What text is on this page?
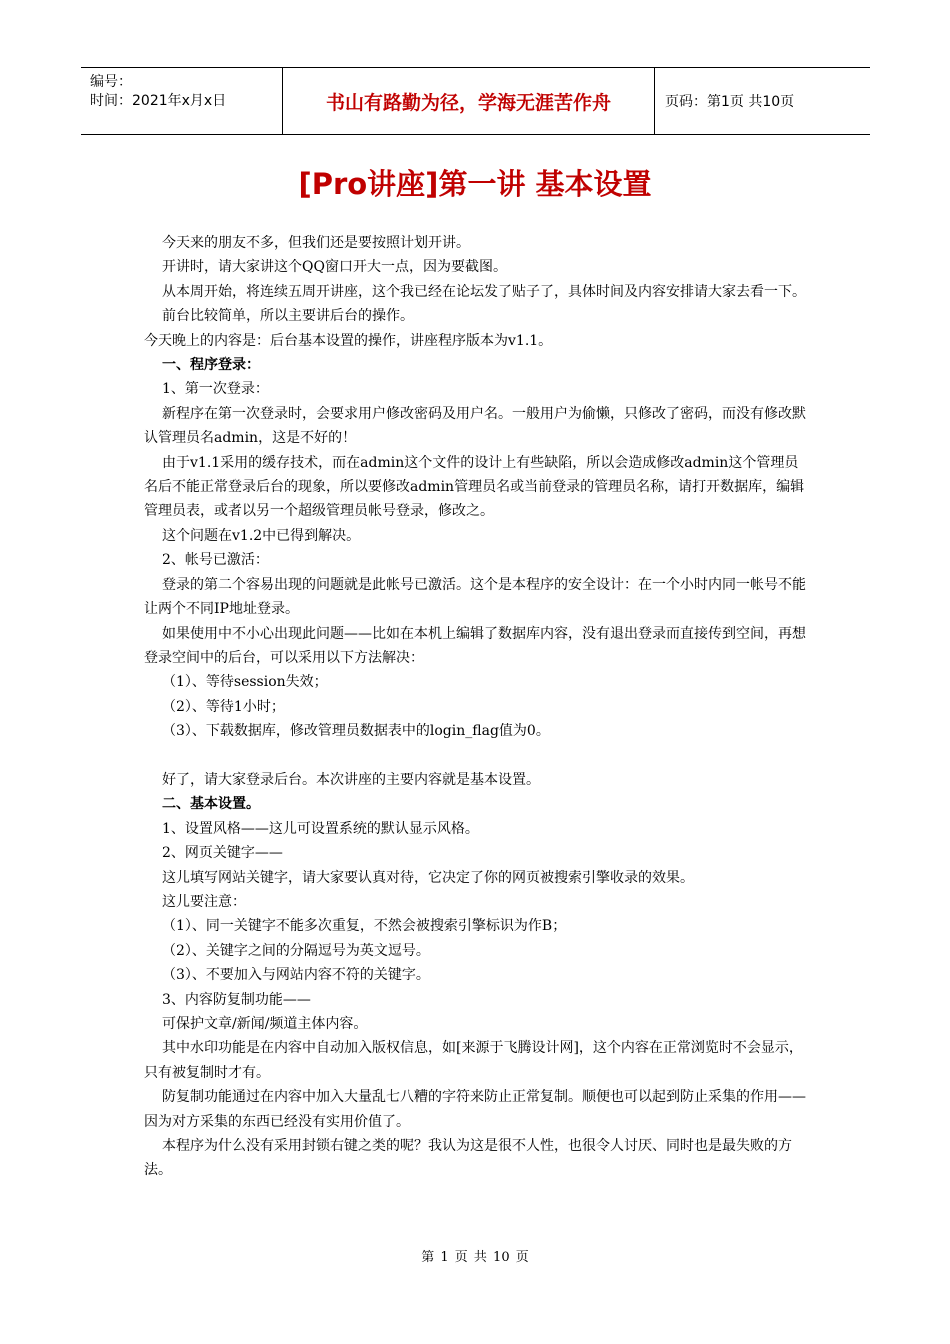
编号：
时间：2021年x月x日	书山有路勤为径，学海无涯苦作舟	页码：第1页 共10页
[Pro讲座]第一讲 基本设置

今天来的朋友不多，但我们还是要按照计划开讲。

开讲时，请大家讲这个QQ窗口开大一点，因为要截图。

从本周开始，将连续五周开讲座，这个我已经在论坛发了贴子了，具体时间及内容安排请大家去看一下。

前台比较简单，所以主要讲后台的操作。

今天晚上的内容是：后台基本设置的操作，讲座程序版本为v1.1。

一、程序登录：

1、第一次登录：

新程序在第一次登录时，会要求用户修改密码及用户名。一般用户为偷懒，只修改了密码，而没有修改默认管理员名admin，这是不好的！

由于v1.1采用的缓存技术，而在admin这个文件的设计上有些缺陷，所以会造成修改admin这个管理员名后不能正常登录后台的现象，所以要修改admin管理员名或当前登录的管理员名称，请打开数据库，编辑管理员表，或者以另一个超级管理员帐号登录，修改之。

这个问题在v1.2中已得到解决。

2、帐号已激活：

登录的第二个容易出现的问题就是此帐号已激活。这个是本程序的安全设计：在一个小时内同一帐号不能让两个不同IP地址登录。

如果使用中不小心出现此问题——比如在本机上编辑了数据库内容，没有退出登录而直接传到空间，再想登录空间中的后台，可以采用以下方法解决：

（1）、等待session失效；

（2）、等待1小时；

（3）、下载数据库，修改管理员数据表中的login_flag值为0。

好了，请大家登录后台。本次讲座的主要内容就是基本设置。

二、基本设置。

1、设置风格——这儿可设置系统的默认显示风格。

2、网页关键字——

这儿填写网站关键字，请大家要认真对待，它决定了你的网页被搜索引擎收录的效果。

这儿要注意：

（1）、同一关键字不能多次重复，不然会被搜索引擎标识为作B；

（2）、关键字之间的分隔逗号为英文逗号。

（3）、不要加入与网站内容不符的关键字。

3、内容防复制功能——

可保护文章/新闻/频道主体内容。

其中水印功能是在内容中自动加入版权信息，如[来源于飞腾设计网]，这个内容在正常浏览时不会显示，只有被复制时才有。

防复制功能通过在内容中加入大量乱七八糟的字符来防止正常复制。顺便也可以起到防止采集的作用——因为对方采集的东西已经没有实用价值了。

本程序为什么没有采用封锁右键之类的呢？我认为这是很不人性，也很令人讨厌、同时也是最失败的方法。

第 1 页 共 10 页
